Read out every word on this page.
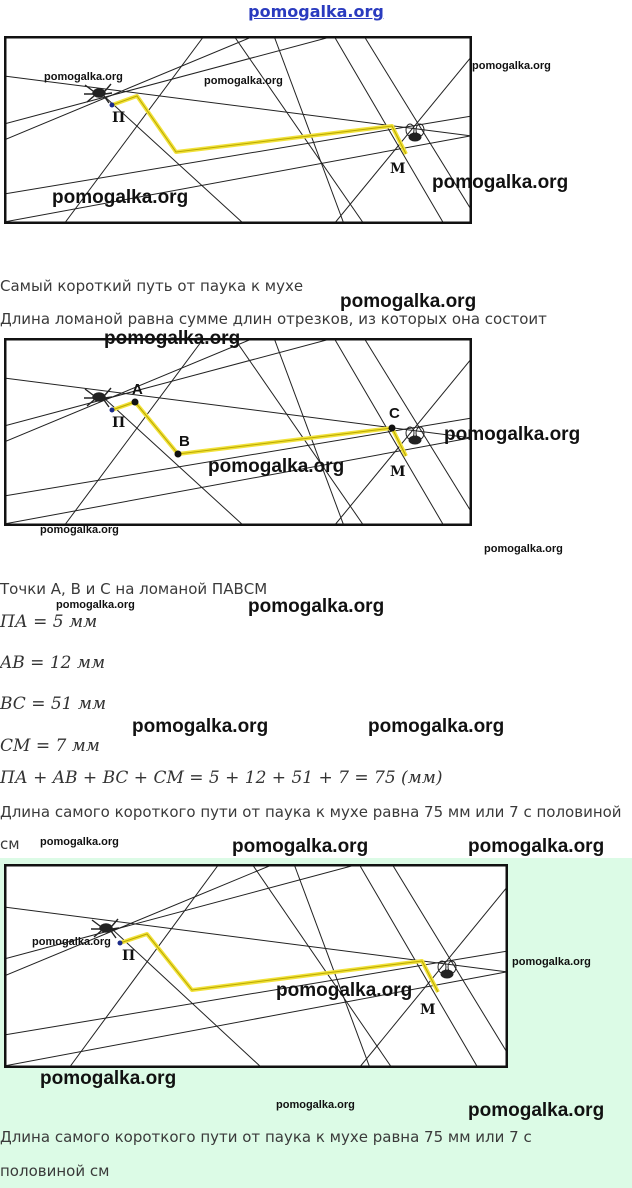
pomogalka.org
П
М
pomogalka.org	pomogalka.org
pomogalka.org
pomogalka.org
pomogalka.org
Самый короткий путь от паука к мухе
pomogalka.org
Длина ломаной равна сумме длин отрезков, из которых она состоит
A
B
C
П
М
pomogalka.org
pomogalka.org
pomogalka.org
pomogalka.org
pomogalka.org
Точки A, B и C на ломаной ПАВСМ
pomogalka.org	pomogalka.org
ПА = 5 мм
AB = 12 мм
BC = 51 мм
pomogalka.org	pomogalka.org
CM = 7 мм
ПА + AB + BC + CM = 5 + 12 + 51 + 7 = 75 (мм)
Длина самого короткого пути от паука к мухе равна 75 мм или 7 с половиной
см pomogalka.org	pomogalka.org	pomogalka.org
П
М
pomogalka.org
pomogalka.org
pomogalka.org
pomogalka.org
pomogalka.org	pomogalka.org
Длина самого короткого пути от паука к мухе равна 75 мм или 7 с
половиной см
